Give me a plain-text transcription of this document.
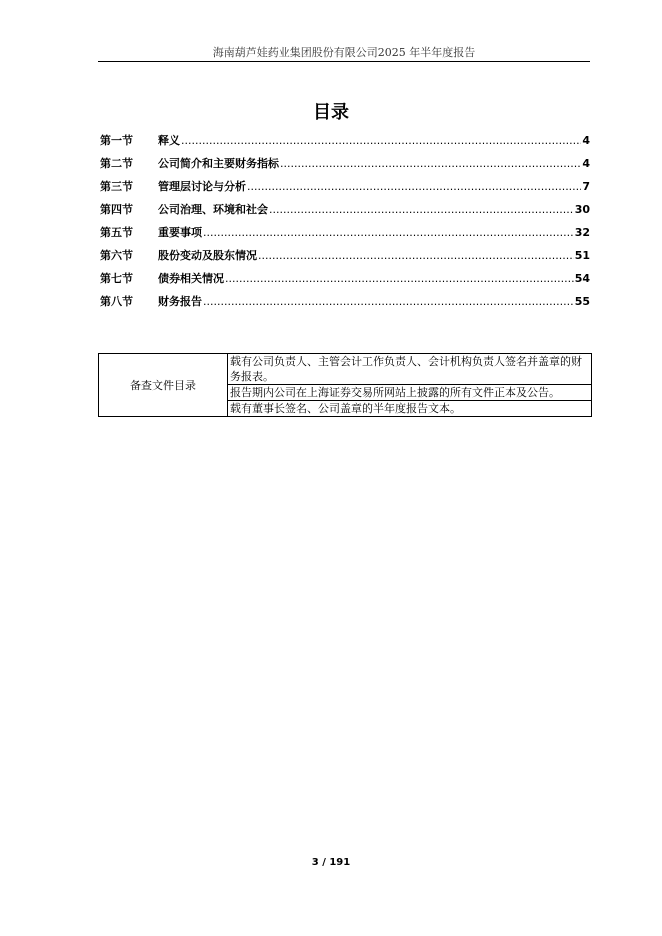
海南葫芦娃药业集团股份有限公司2025 年半年度报告
目录
第一节	释义 .....	4
第二节	公司简介和主要财务指标 .....	4
第三节	管理层讨论与分析 .....	7
第四节	公司治理、环境和社会 .....	30
第五节	重要事项 .....	32
第六节	股份变动及股东情况 .....	51
第七节	债券相关情况 .....	54
第八节	财务报告 .....	55
备查文件目录	载有公司负责人、主管会计工作负责人、会计机构负责人签名并盖章的财务报表。
报告期内公司在上海证券交易所网站上披露的所有文件正本及公告。
载有董事长签名、公司盖章的半年度报告文本。
3 / 191
